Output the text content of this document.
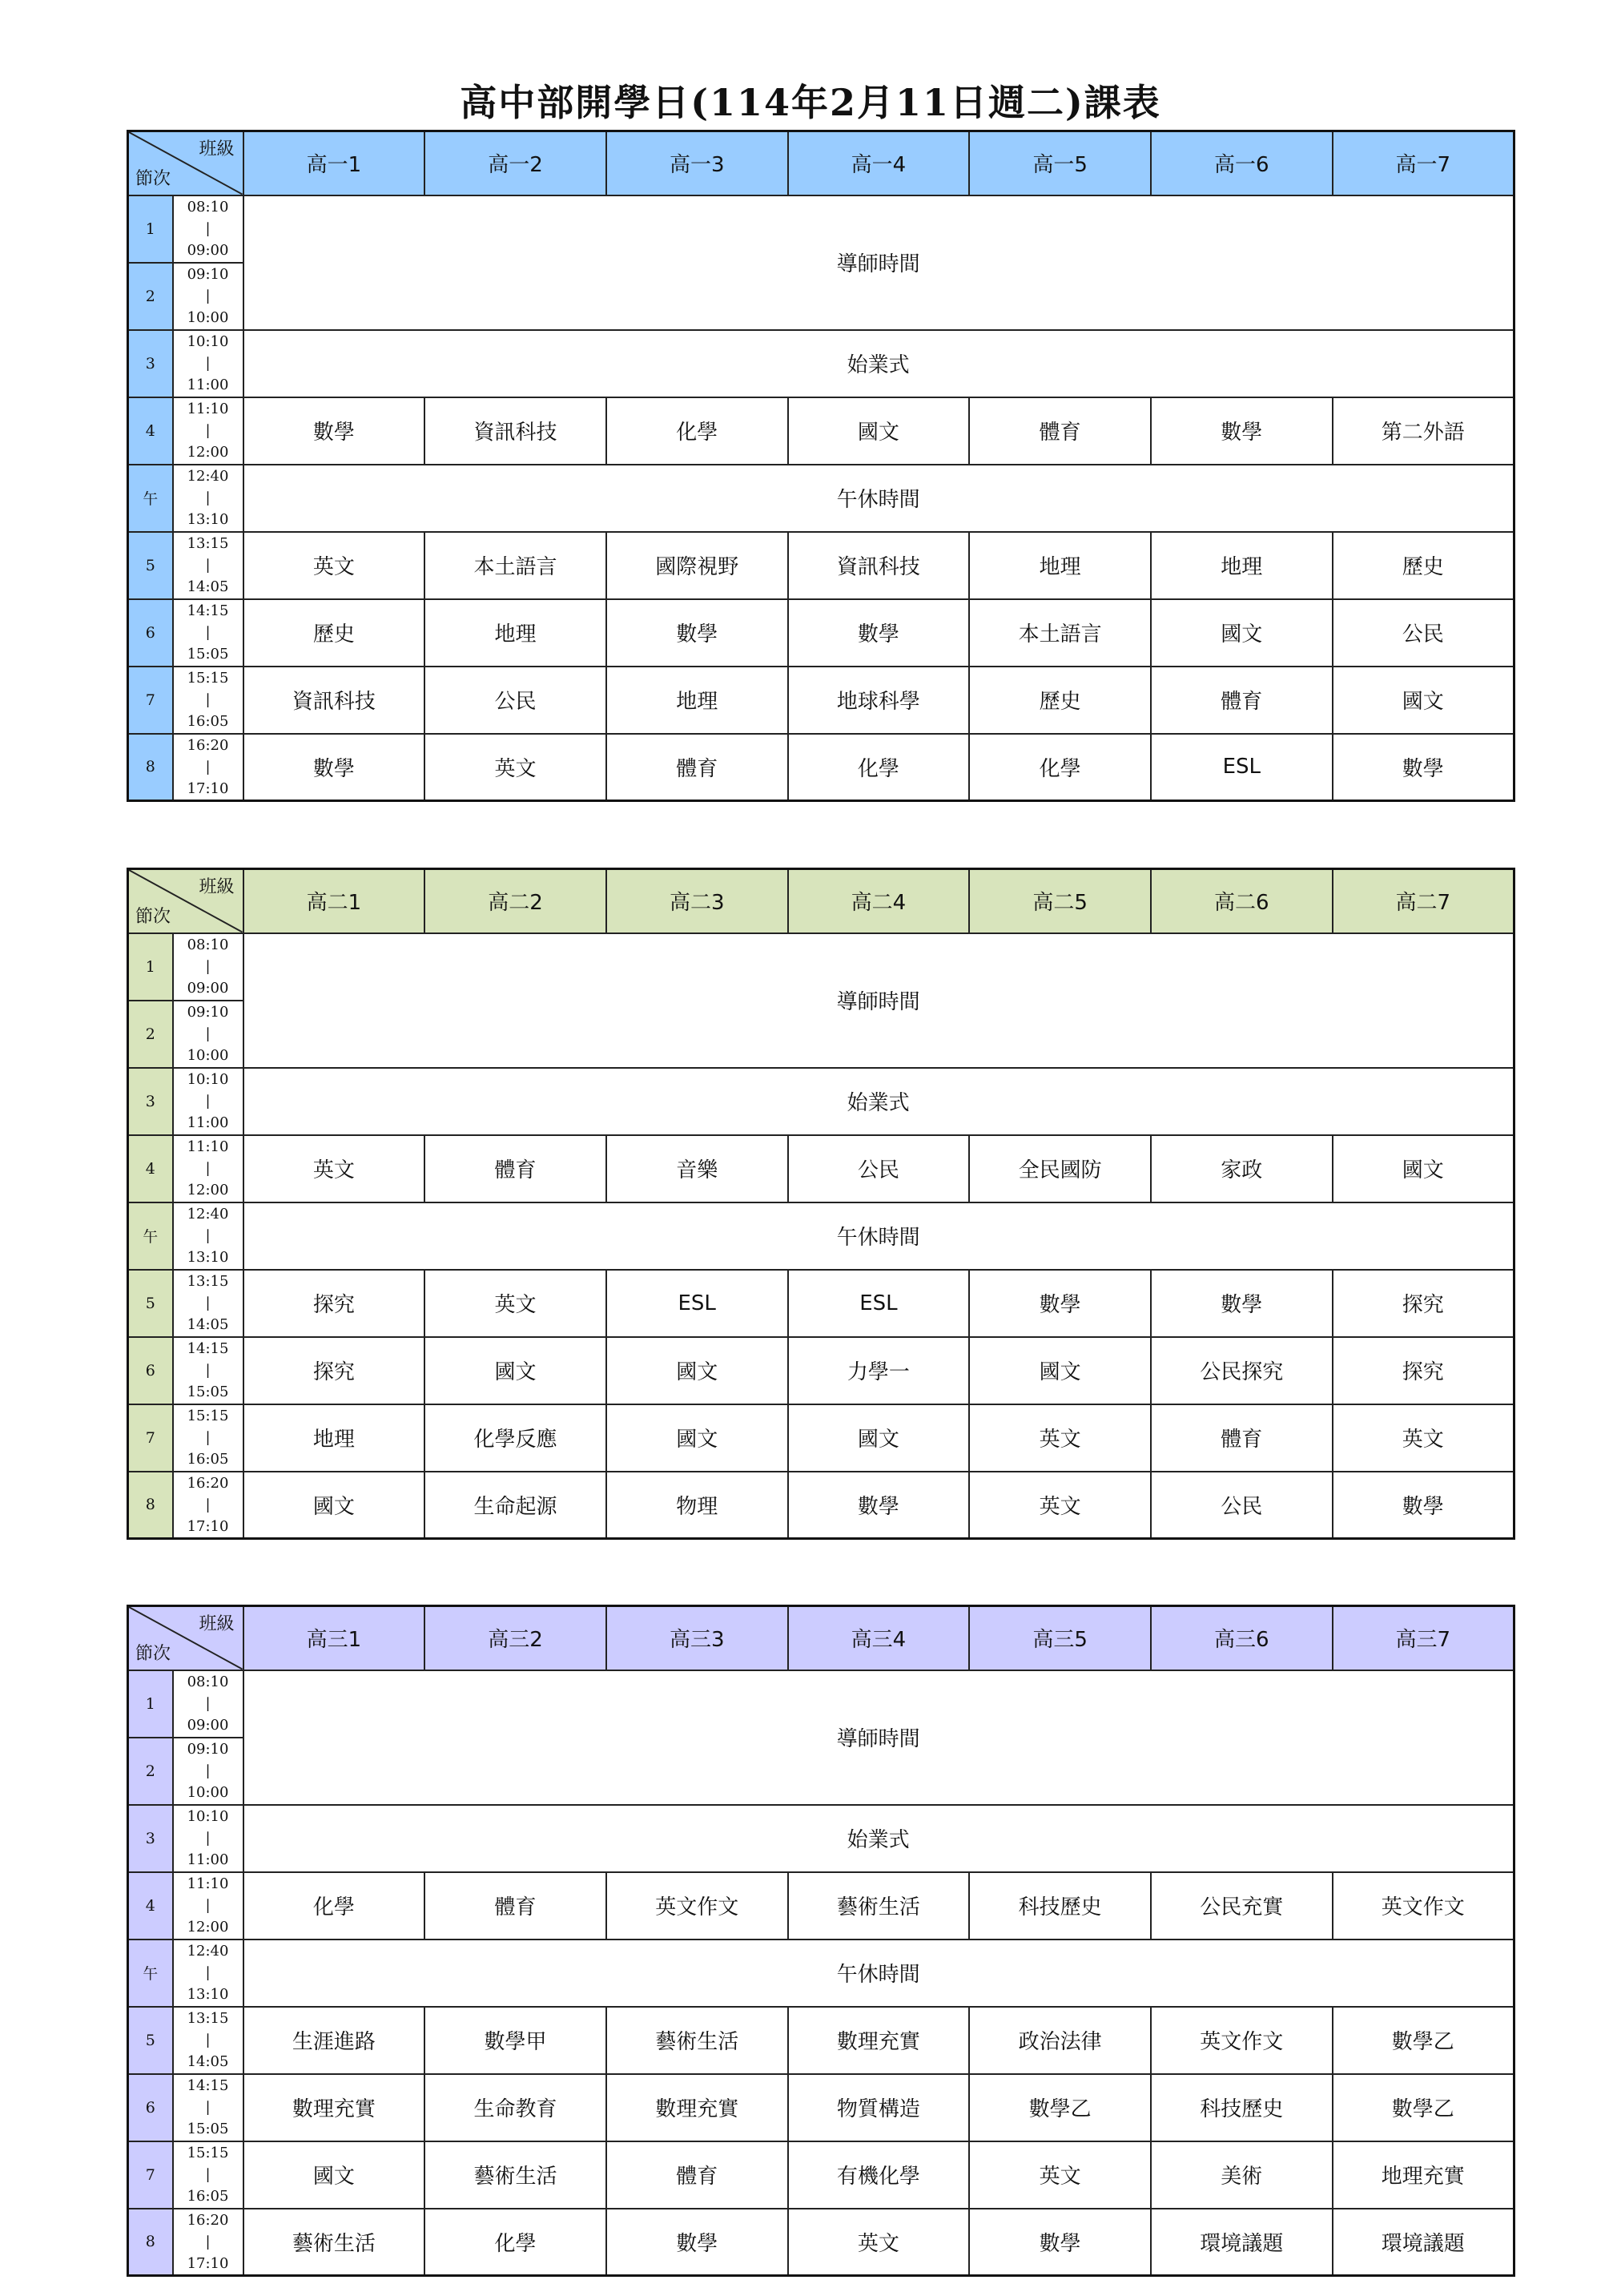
高中部開學日(114年2月11日週二)課表
班級
節次		高一1	高一2	高一3	高一4	高一5	高一6	高一7
1	08:10
|
09:00	導師時間						
2	09:10
|
10:00							

3	10:10
|
11:00	始業式						
4	11:10
|
12:00	數學	資訊科技	化學	國文	體育	數學	第二外語
午	12:40
|
13:10	午休時間						
5	13:15
|
14:05	英文	本土語言	國際視野	資訊科技	地理	地理	歷史
6	14:15
|
15:05	歷史	地理	數學	數學	本土語言	國文	公民
7	15:15
|
16:05	資訊科技	公民	地理	地球科學	歷史	體育	國文
8	16:20
|
17:10	數學	英文	體育	化學	化學	ESL	數學
班級
節次		高二1	高二2	高二3	高二4	高二5	高二6	高二7
1	08:10
|
09:00	導師時間						
2	09:10
|
10:00							

3	10:10
|
11:00	始業式						
4	11:10
|
12:00	英文	體育	音樂	公民	全民國防	家政	國文
午	12:40
|
13:10	午休時間						
5	13:15
|
14:05	探究	英文	ESL	ESL	數學	數學	探究
6	14:15
|
15:05	探究	國文	國文	力學一	國文	公民探究	探究
7	15:15
|
16:05	地理	化學反應	國文	國文	英文	體育	英文
8	16:20
|
17:10	國文	生命起源	物理	數學	英文	公民	數學
班級
節次		高三1	高三2	高三3	高三4	高三5	高三6	高三7
1	08:10
|
09:00	導師時間						
2	09:10
|
10:00							

3	10:10
|
11:00	始業式						
4	11:10
|
12:00	化學	體育	英文作文	藝術生活	科技歷史	公民充實	英文作文
午	12:40
|
13:10	午休時間						
5	13:15
|
14:05	生涯進路	數學甲	藝術生活	數理充實	政治法律	英文作文	數學乙
6	14:15
|
15:05	數理充實	生命教育	數理充實	物質構造	數學乙	科技歷史	數學乙
7	15:15
|
16:05	國文	藝術生活	體育	有機化學	英文	美術	地理充實
8	16:20
|
17:10	藝術生活	化學	數學	英文	數學	環境議題	環境議題
